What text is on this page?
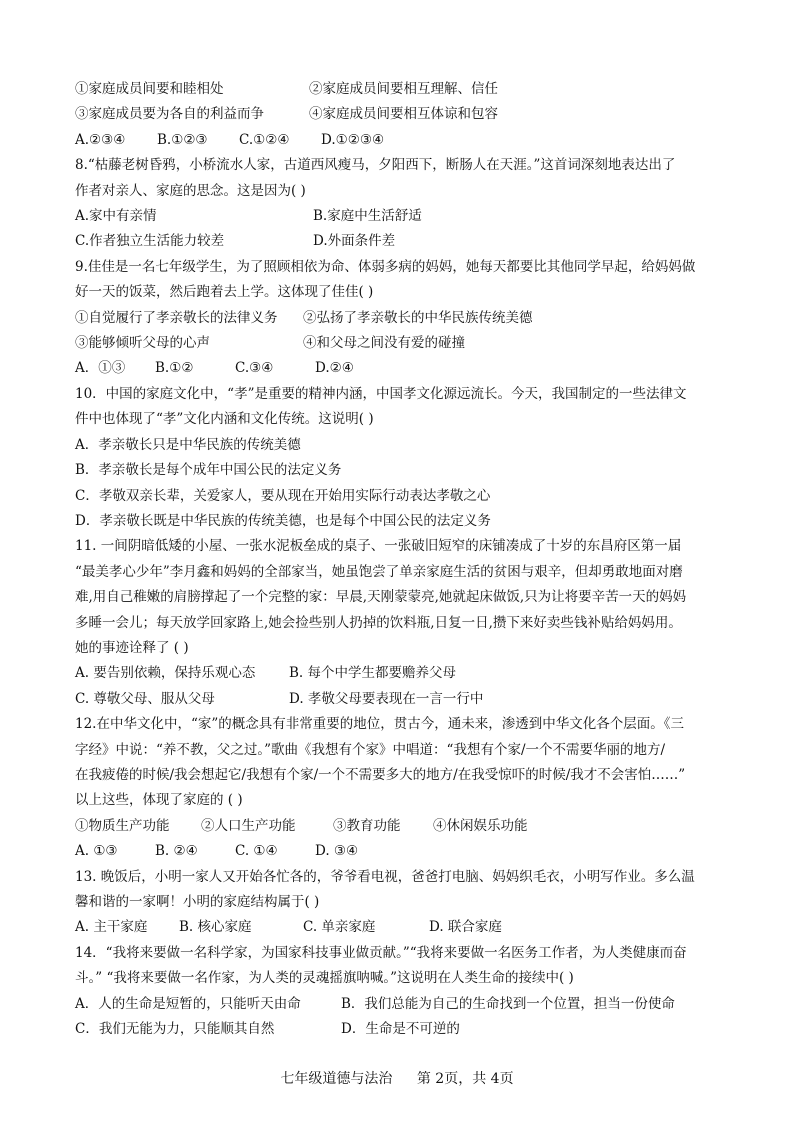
①家庭成员间要和睦相处	②家庭成员间要相互理解、信任
③家庭成员要为各自的利益而争	④家庭成员间要相互体谅和包容
A.②③④	B.①②③	C.①②④	D.①②③④
8.“枯藤老树昏鸦，小桥流水人家，古道西风瘦马，夕阳西下，断肠人在天涯。”这首词深刻地表达出了
作者对亲人、家庭的思念。这是因为( )
A.家中有亲情	B.家庭中生活舒适
C.作者独立生活能力较差	D.外面条件差
9.佳佳是一名七年级学生，为了照顾相依为命、体弱多病的妈妈，她每天都要比其他同学早起，给妈妈做
好一天的饭菜，然后跑着去上学。这体现了佳佳( )
①自觉履行了孝亲敬长的法律义务	②弘扬了孝亲敬长的中华民族传统美德
③能够倾听父母的心声	④和父母之间没有爱的碰撞
A．①③	B.①②	C.③④	D.②④
10．中国的家庭文化中，“孝”是重要的精神内涵，中国孝文化源远流长。今天，我国制定的一些法律文
件中也体现了“孝”文化内涵和文化传统。这说明( )
A．孝亲敬长只是中华民族的传统美德
B．孝亲敬长是每个成年中国公民的法定义务
C．孝敬双亲长辈，关爱家人，要从现在开始用实际行动表达孝敬之心
D．孝亲敬长既是中华民族的传统美德，也是每个中国公民的法定义务
11. 一间阴暗低矮的小屋、一张水泥板垒成的桌子、一张破旧短窄的床铺凑成了十岁的东昌府区第一届
“最美孝心少年”李月鑫和妈妈的全部家当，她虽饱尝了单亲家庭生活的贫困与艰辛，但却勇敢地面对磨
难,用自己稚嫩的肩膀撑起了一个完整的家：早晨,天刚蒙蒙亮,她就起床做饭,只为让将要辛苦一天的妈妈
多睡一会儿；每天放学回家路上,她会捡些别人扔掉的饮料瓶,日复一日,攒下来好卖些钱补贴给妈妈用。
她的事迹诠释了 ( )
A. 要告别依赖，保持乐观心态	B. 每个中学生都要赡养父母
C. 尊敬父母、服从父母	D. 孝敬父母要表现在一言一行中
12.在中华文化中，“家”的概念具有非常重要的地位，贯古今，通未来，渗透到中华文化各个层面。《三
字经》中说：“养不教，父之过。”歌曲《我想有个家》中唱道：“我想有个家/一个不需要华丽的地方/
在我疲倦的时候/我会想起它/我想有个家/一个不需要多大的地方/在我受惊吓的时候/我才不会害怕……”
以上这些，体现了家庭的 ( )
①物质生产功能	②人口生产功能	③教育功能	④休闲娱乐功能
A. ①③	B. ②④	C. ①④	D. ③④
13. 晚饭后，小明一家人又开始各忙各的，爷爷看电视，爸爸打电脑、妈妈织毛衣，小明写作业。多么温
馨和谐的一家啊！小明的家庭结构属于( )
A. 主干家庭	B. 核心家庭	C. 单亲家庭	D. 联合家庭
14．“我将来要做一名科学家，为国家科技事业做贡献。”“我将来要做一名医务工作者，为人类健康而奋
斗。” “我将来要做一名作家，为人类的灵魂摇旗呐喊。”这说明在人类生命的接续中( )
A．人的生命是短暂的，只能听天由命	B．我们总能为自己的生命找到一个位置，担当一份使命
C．我们无能为力，只能顺其自然	D．生命是不可逆的
七年级道德与法治 第 2页，共 4页
